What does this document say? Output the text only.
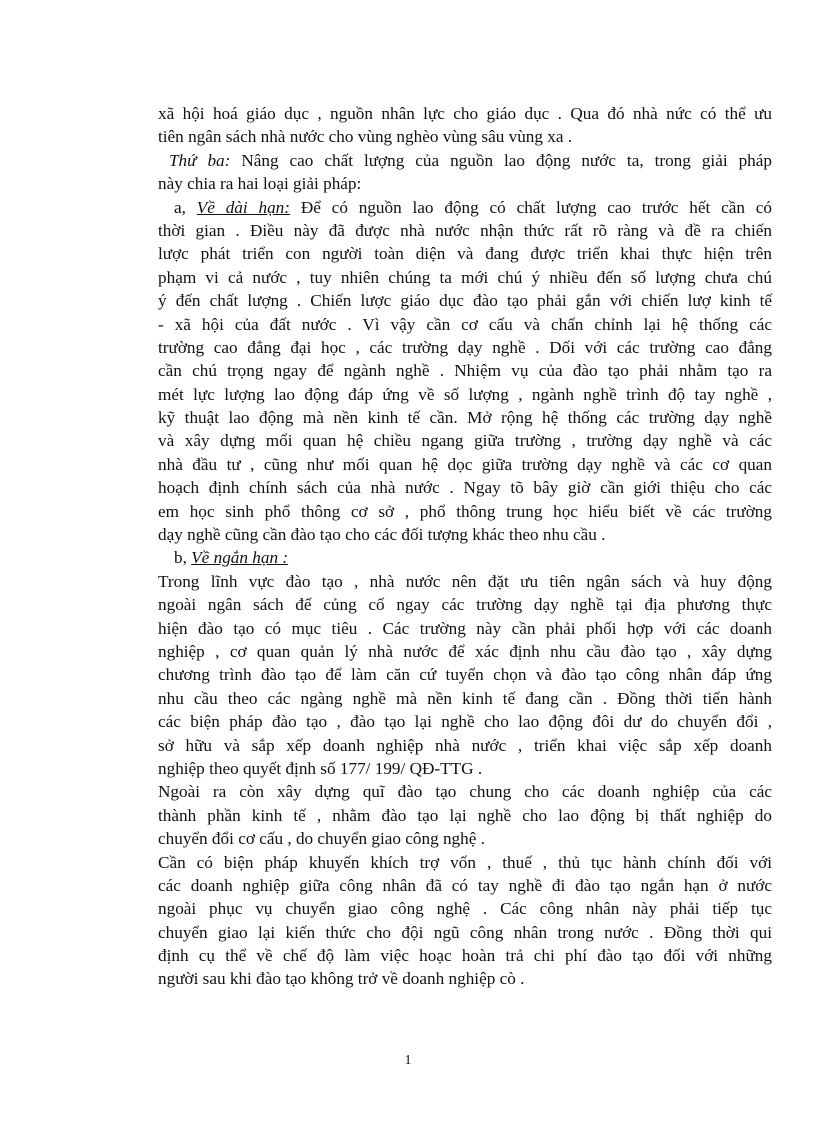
xã hội hoá giáo dục , nguồn nhân lực cho giáo dục . Qua đó nhà nức có thể ưu
tiên ngân sách nhà nước cho vùng nghèo vùng sâu vùng xa .
Thứ ba: Nâng cao chất lượng của nguồn lao động nước ta, trong giải pháp
này chia ra hai loại giải pháp:
a, Về dài hạn: Để có nguồn lao động có chất lượng cao trước hết cần có
thời gian . Điều này đã được nhà nước nhận thức rất rõ ràng và đề ra chiến
lược phát triển con người toàn diện và đang được triển khai thực hiện trên
phạm vi cả nước , tuy nhiên chúng ta mới chú ý nhiều đến số lượng chưa chú
ý đến chất lượng . Chiến lược giáo dục đào tạo phải gắn với chiến lượ kinh tế
- xã hội của đất nước . Vì vậy cần cơ cấu và chấn chỉnh lại hệ thống các
trường cao đẳng đại học , các trường dạy nghề . Dối với các trường cao đẳng
cần chú trọng ngay để ngành nghề . Nhiệm vụ của đào tạo phải nhằm tạo ra
mét lực lượng lao động đáp ứng về số lượng , ngành nghề trình độ tay nghề ,
kỹ thuật lao động mà nền kinh tế cần. Mở rộng hệ thống các trường dạy nghề
và xây dựng mối quan hệ chiều ngang giữa trường , trường dạy nghề và các
nhà đầu tư , cũng như mối quan hệ dọc giữa trường dạy nghề và các cơ quan
hoạch định chính sách của nhà nước . Ngay tõ bây giờ cần giới thiệu cho các
em học sinh phổ thông cơ sở , phổ thông trung học hiểu biết về các trường
dạy nghề cũng cần đào tạo cho các đối tượng khác theo nhu cầu .
b, Về ngắn hạn :
Trong lĩnh vực đào tạo , nhà nước nên đặt ưu tiên ngân sách và huy động
ngoài ngân sách để củng cố ngay các trường dạy nghề tại địa phương thực
hiện đào tạo có mục tiêu . Các trường này cần phải phối hợp với các doanh
nghiệp , cơ quan quản lý nhà nước để xác định nhu cầu đào tạo , xây dựng
chương trình đào tạo để làm căn cứ tuyển chọn và đào tạo công nhân đáp ứng
nhu cầu theo các ngàng nghề mà nền kinh tế đang cần . Đồng thời tiến hành
các biện pháp đào tạo , đào tạo lại nghề cho lao động đôi dư do chuyển đổi ,
sở hữu và sắp xếp doanh nghiệp nhà nước , triển khai việc sắp xếp doanh
nghiệp theo quyết định số 177/ 199/ QĐ-TTG .
Ngoài ra còn xây dựng quĩ đào tạo chung cho các doanh nghiệp của các
thành phần kinh tế , nhằm đào tạo lại nghề cho lao động bị thất nghiệp do
chuyển đổi cơ cấu , do chuyển giao công nghệ .
Cần có biện pháp khuyến khích trợ vốn , thuế , thủ tục hành chính đối với
các doanh nghiệp giữa công nhân đã có tay nghề đi đào tạo ngắn hạn ở nước
ngoài phục vụ chuyển giao công nghệ . Các công nhân này phải tiếp tục
chuyển giao lại kiến thức cho đội ngũ công nhân trong nước . Đồng thời qui
định cụ thể về chế độ làm việc hoạc hoàn trả chi phí đào tạo đối với những
người sau khi đào tạo không trở về doanh nghiệp cò .
1
